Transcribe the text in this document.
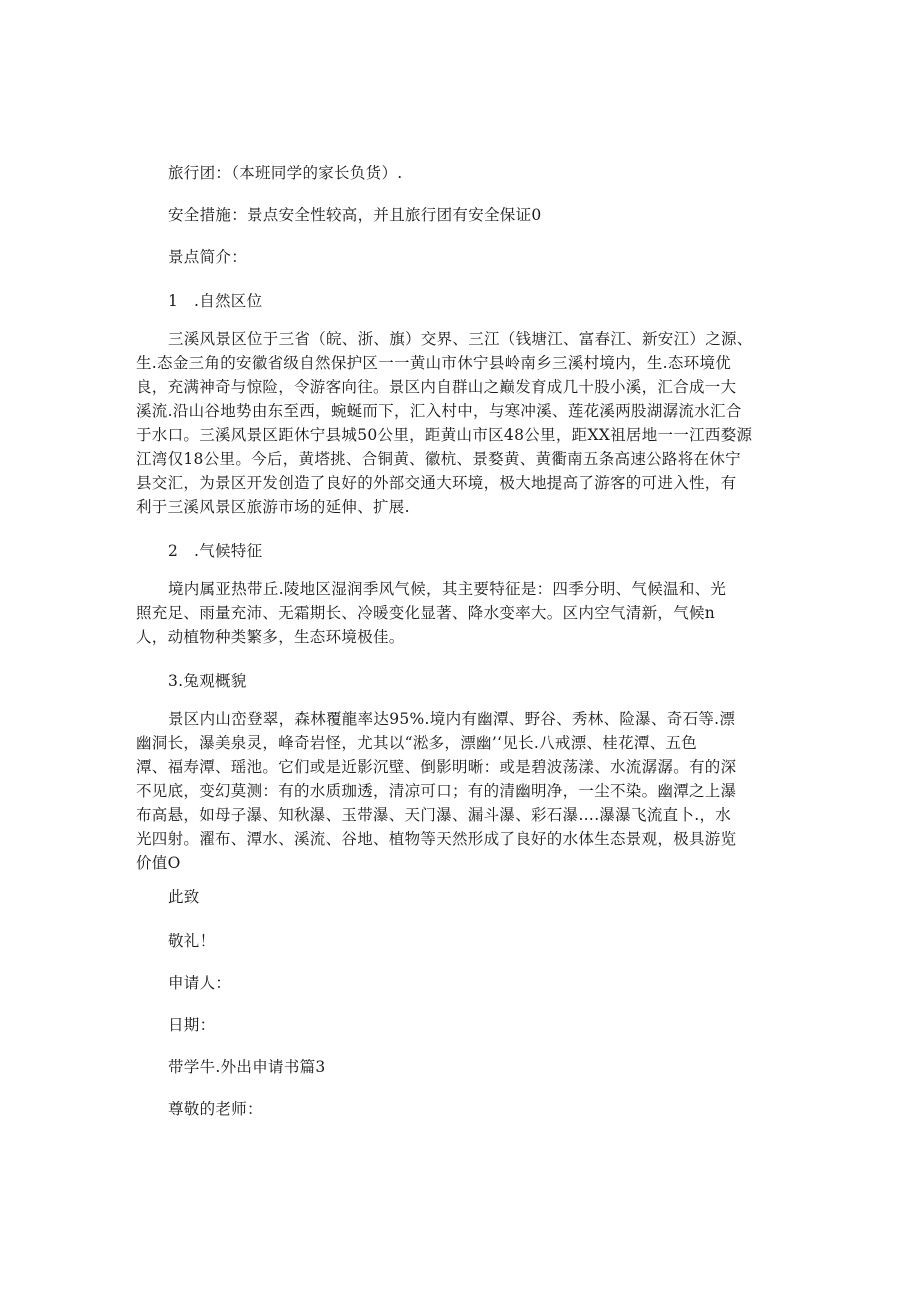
旅行团：（本班同学的家长负货）.
安全措施：景点安全性较高，并且旅行团有安全保证0
景点简介：
1　.自然区位
三溪风景区位于三省（皖、浙、旗）交界、三江（钱塘江、富春江、新安江）之源、
生.态金三角的安徽省级自然保护区一一黄山市休宁县岭南乡三溪村境内，生.态环境优
良，充满神奇与惊险，令游客向往。景区内自群山之巅发育成几十股小溪，汇合成一大
溪流.沿山谷地势由东至西，蜿蜒而下，汇入村中，与寒冲溪、莲花溪两股湖潺流水汇合
于水口。三溪风景区距休宁县城50公里，距黄山市区48公里，距XX祖居地一一江西婺源
江湾仅18公里。今后，黄塔挑、合铜黄、徽杭、景婺黄、黄衢南五条高速公路将在休宁
县交汇，为景区开发创造了良好的外部交通大环境，极大地提高了游客的可进入性，有
利于三溪风景区旅游市场的延伸、扩展.
2　.气候特征
境内属亚热带丘.陵地区湿润季风气候，其主要特征是：四季分明、气候温和、光
照充足、雨量充沛、无霜期长、冷暖变化显著、降水变率大。区内空气清新，气候n
人，动植物种类繁多，生态环境极佳。
3.兔观概貌
景区内山峦登翠，森林覆龍率达95%.境内有幽潭、野谷、秀林、险瀑、奇石等.漂
幽洞长，瀑美泉灵，峰奇岩怪，尤其以“淞多，漂幽’‘见长.八戒漂、桂花潭、五色
潭、福寿潭、瑶池。它们或是近影沉壁、倒影明晰：或是碧波荡漾、水流潺潺。有的深
不见底，变幻莫测：有的水质珈透，清凉可口；有的清幽明净，一尘不染。幽潭之上瀑
布高悬，如母子瀑、知秋瀑、玉带瀑、天门瀑、漏斗瀑、彩石瀑….瀑瀑飞流直卜.，水
光四射。濯布、潭水、溪流、谷地、植物等天然形成了良好的水体生态景观，极具游览
价值O
此致
敬礼！
申请人：
日期：
带学牛.外出申请书篇3
尊敬的老师：
